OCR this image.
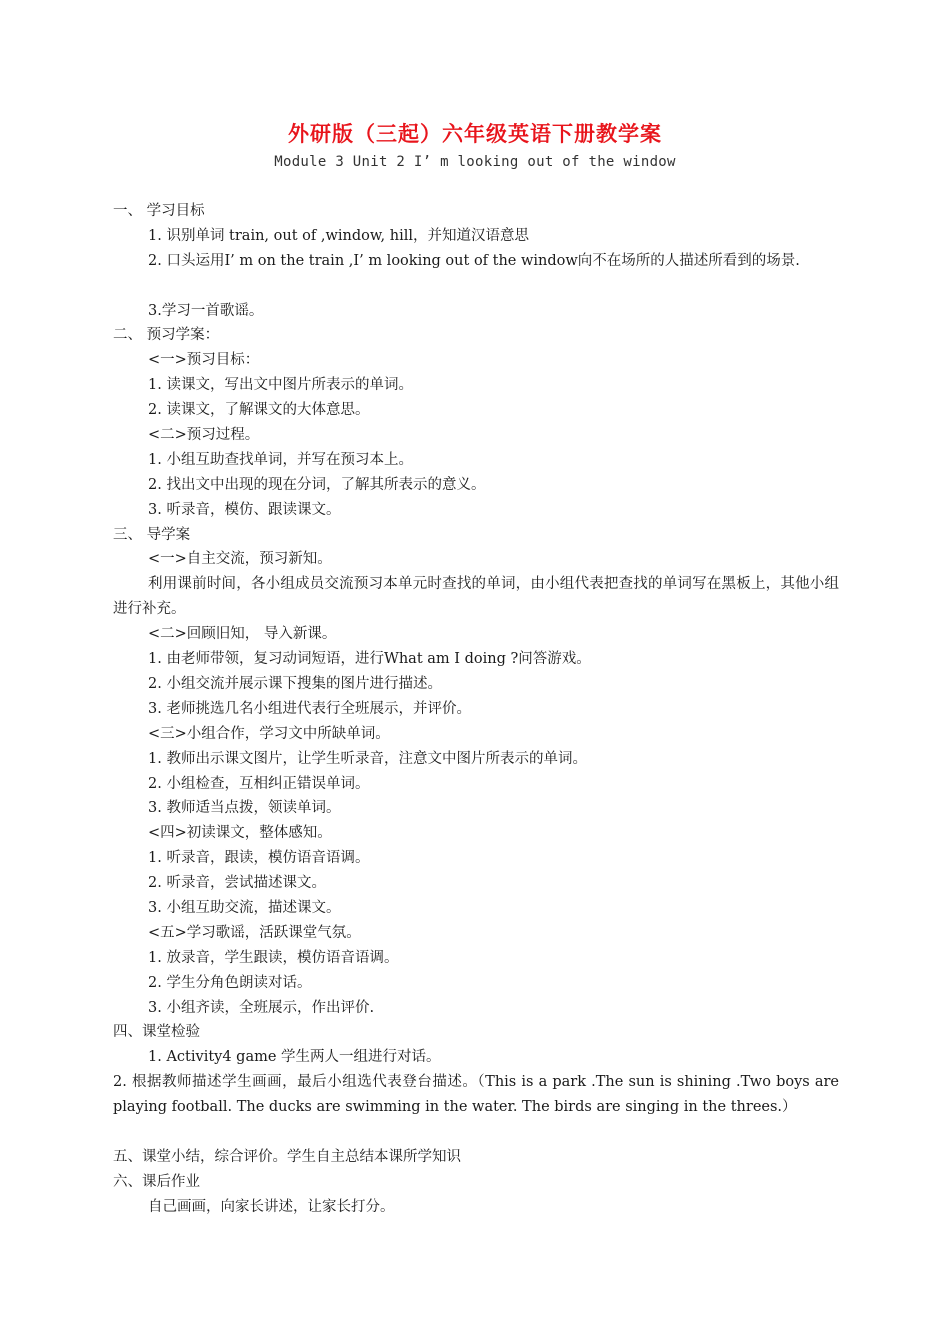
外研版（三起）六年级英语下册教学案
Module 3 Unit 2 I’ m looking out of the window
一、 学习目标
1. 识别单词 train, out of ,window, hill，并知道汉语意思
2. 口头运用I’ m on the train ,I’ m looking out of the window向不在场所的人描述所看到的场景.
3.学习一首歌谣。
二、 预习学案：
<一>预习目标：
1. 读课文，写出文中图片所表示的单词。
2. 读课文，了解课文的大体意思。
<二>预习过程。
1. 小组互助查找单词，并写在预习本上。
2. 找出文中出现的现在分词，了解其所表示的意义。
3. 听录音，模仿、跟读课文。
三、 导学案
<一>自主交流，预习新知。
利用课前时间，各小组成员交流预习本单元时查找的单词，由小组代表把查找的单词写在黑板上，其他小组进行补充。
<二>回顾旧知， 导入新课。
1. 由老师带领，复习动词短语，进行What am I doing ?问答游戏。
2. 小组交流并展示课下搜集的图片进行描述。
3. 老师挑选几名小组进代表行全班展示，并评价。
<三>小组合作，学习文中所缺单词。
1. 教师出示课文图片，让学生听录音，注意文中图片所表示的单词。
2. 小组检查，互相纠正错误单词。
3. 教师适当点拨，领读单词。
<四>初读课文，整体感知。
1. 听录音，跟读，模仿语音语调。
2. 听录音，尝试描述课文。
3. 小组互助交流，描述课文。
<五>学习歌谣，活跃课堂气氛。
1. 放录音，学生跟读，模仿语音语调。
2. 学生分角色朗读对话。
3. 小组齐读，全班展示，作出评价.
四、课堂检验
1. Activity4 game 学生两人一组进行对话。
2. 根据教师描述学生画画，最后小组选代表登台描述。（This is a park .The sun is shining .Two boys are playing football. The ducks are swimming in the water. The birds are singing in the threes.）
五、课堂小结，综合评价。学生自主总结本课所学知识
六、课后作业
自己画画，向家长讲述，让家长打分。
